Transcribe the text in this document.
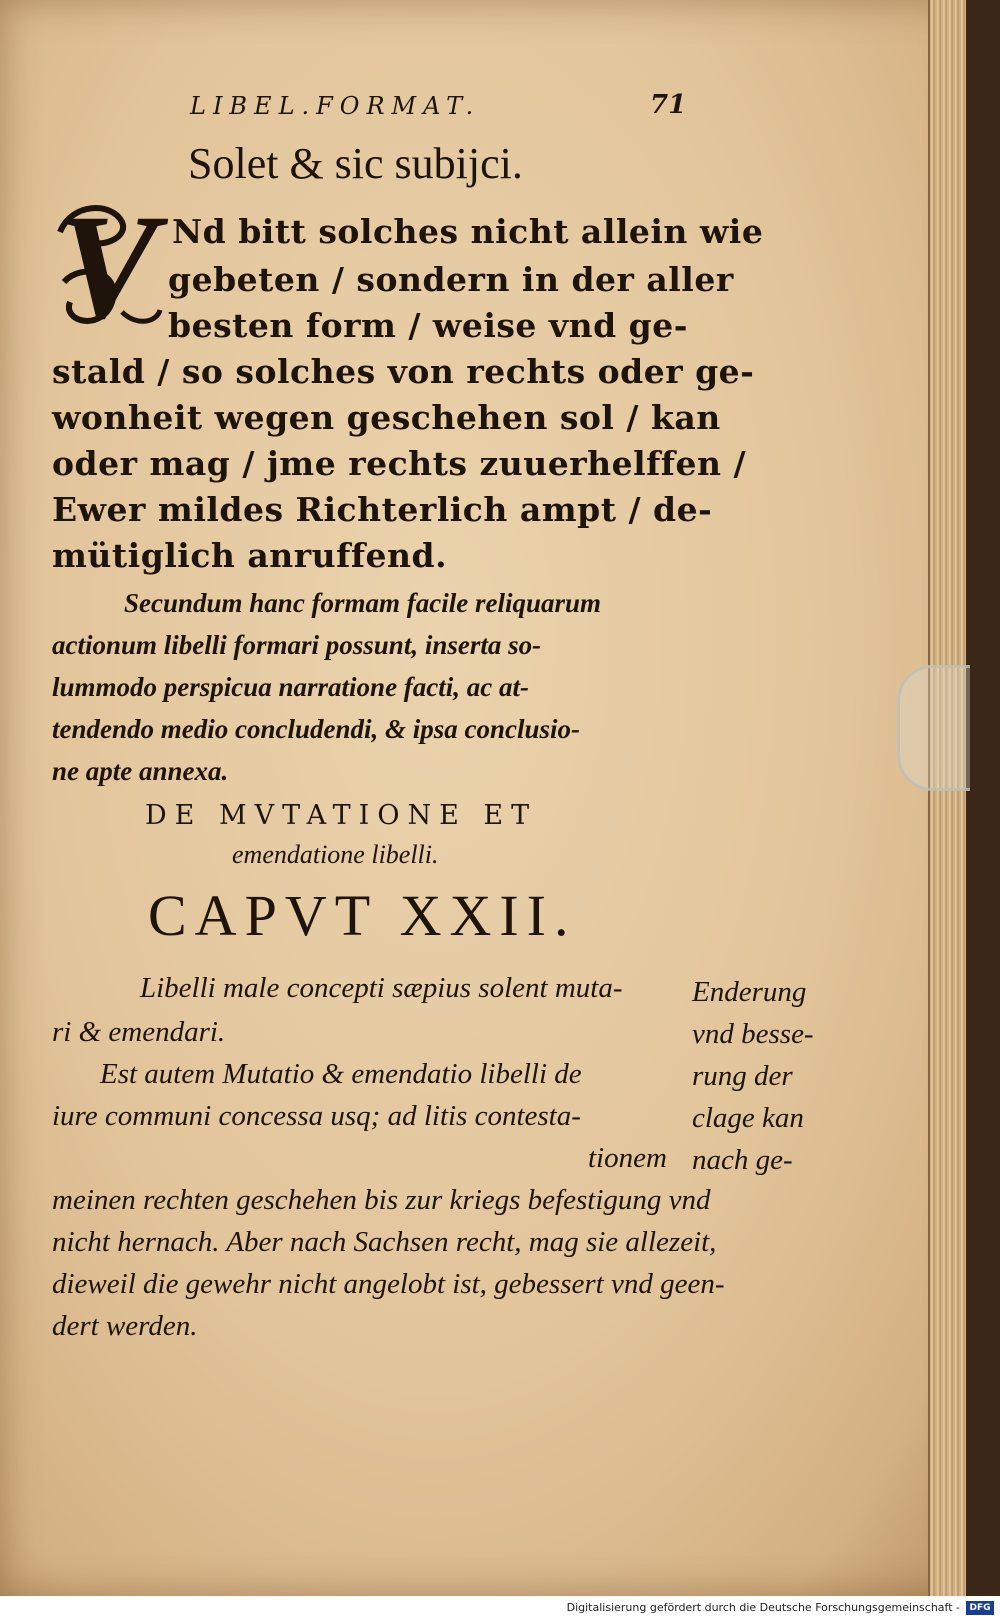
LIBEL.FORMAT.	71
Solet & sic subijci.
V Nd bitt solches nicht allein wie
gebeten / sondern in der aller
besten form / weise vnd ge-
stald / so solches von rechts oder ge-
wonheit wegen geschehen sol / kan
oder mag / jme rechts zuuerhelffen /
Ewer mildes Richterlich ampt / de-
mütiglich anruffend.
Secundum hanc formam facile reliquarum
actionum libelli formari possunt, inserta so-
lummodo perspicua narratione facti, ac at-
tendendo medio concludendi, & ipsa conclusio-
ne apte annexa.
DE MVTATIONE ET
emendatione libelli.
CAPVT XXII.
Libelli male concepti sæpius solent muta-
ri & emendari.
Est autem Mutatio & emendatio libelli de
iure communi concessa usq; ad litis contesta-
tionem
meinen rechten geschehen bis zur kriegs befestigung vnd
nicht hernach. Aber nach Sachsen recht, mag sie allezeit,
dieweil die gewehr nicht angelobt ist, gebessert vnd geen-
dert werden.
Enderung
vnd besse-
rung der
clage kan
nach ge-
Digitalisierung gefördert durch die Deutsche Forschungsgemeinschaft -	DFG
